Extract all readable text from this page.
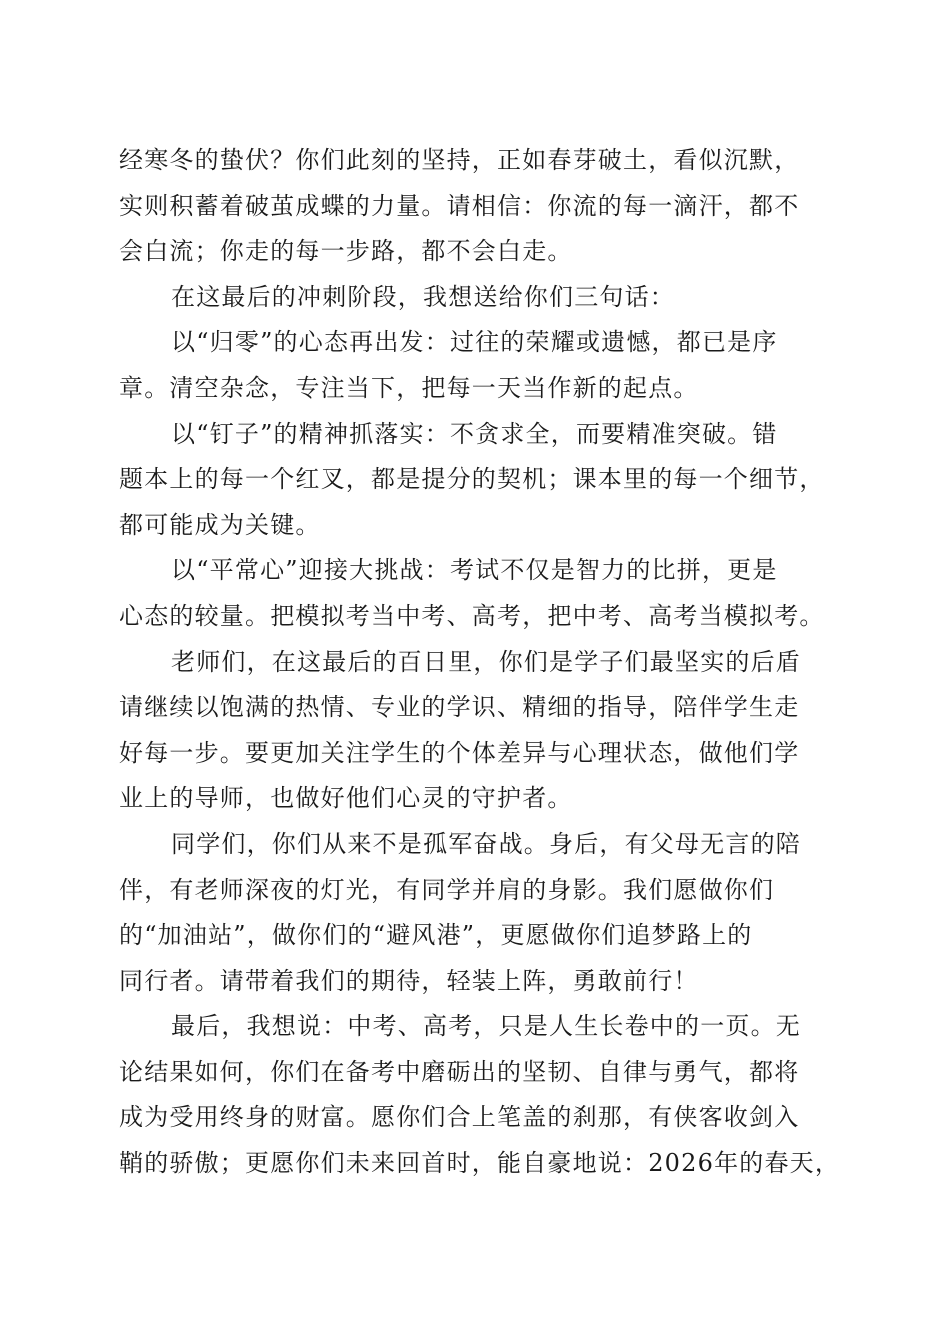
经寒冬的蛰伏？你们此刻的坚持，正如春芽破土，看似沉默，
实则积蓄着破茧成蝶的力量。请相信：你流的每一滴汗，都不
会白流；你走的每一步路，都不会白走。
在这最后的冲刺阶段，我想送给你们三句话：
以“归零”的心态再出发：过往的荣耀或遗憾，都已是序
章。清空杂念，专注当下，把每一天当作新的起点。
以“钉子”的精神抓落实：不贪求全，而要精准突破。错
题本上的每一个红叉，都是提分的契机；课本里的每一个细节，
都可能成为关键。
以“平常心”迎接大挑战：考试不仅是智力的比拼，更是
心态的较量。把模拟考当中考、高考，把中考、高考当模拟考。
老师们，在这最后的百日里，你们是学子们最坚实的后盾
请继续以饱满的热情、专业的学识、精细的指导，陪伴学生走
好每一步。要更加关注学生的个体差异与心理状态，做他们学
业上的导师，也做好他们心灵的守护者。
同学们，你们从来不是孤军奋战。身后，有父母无言的陪
伴，有老师深夜的灯光，有同学并肩的身影。我们愿做你们
的“加油站”，做你们的“避风港”，更愿做你们追梦路上的
同行者。请带着我们的期待，轻装上阵，勇敢前行！
最后，我想说：中考、高考，只是人生长卷中的一页。无
论结果如何，你们在备考中磨砺出的坚韧、自律与勇气，都将
成为受用终身的财富。愿你们合上笔盖的刹那，有侠客收剑入
鞘的骄傲；更愿你们未来回首时，能自豪地说：2026年的春天，
